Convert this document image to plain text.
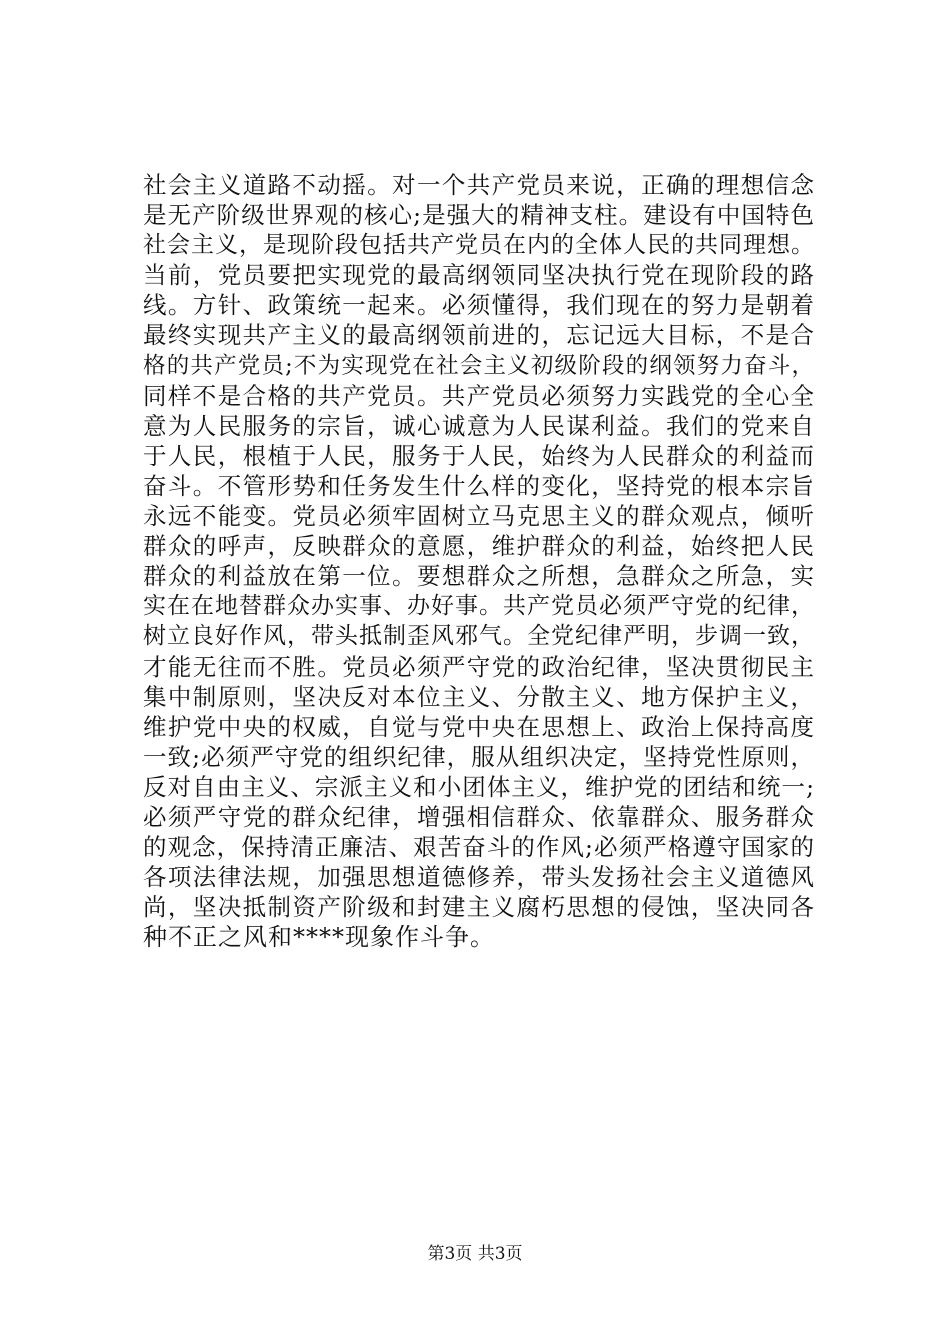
社会主义道路不动摇。对一个共产党员来说，正确的理想信念
是无产阶级世界观的核心;是强大的精神支柱。建设有中国特色
社会主义，是现阶段包括共产党员在内的全体人民的共同理想。
当前，党员要把实现党的最高纲领同坚决执行党在现阶段的路
线。方针、政策统一起来。必须懂得，我们现在的努力是朝着
最终实现共产主义的最高纲领前进的，忘记远大目标，不是合
格的共产党员;不为实现党在社会主义初级阶段的纲领努力奋斗，
同样不是合格的共产党员。共产党员必须努力实践党的全心全
意为人民服务的宗旨，诚心诚意为人民谋利益。我们的党来自
于人民，根植于人民，服务于人民，始终为人民群众的利益而
奋斗。不管形势和任务发生什么样的变化，坚持党的根本宗旨
永远不能变。党员必须牢固树立马克思主义的群众观点，倾听
群众的呼声，反映群众的意愿，维护群众的利益，始终把人民
群众的利益放在第一位。要想群众之所想，急群众之所急，实
实在在地替群众办实事、办好事。共产党员必须严守党的纪律，
树立良好作风，带头抵制歪风邪气。全党纪律严明，步调一致，
才能无往而不胜。党员必须严守党的政治纪律，坚决贯彻民主
集中制原则，坚决反对本位主义、分散主义、地方保护主义，
维护党中央的权威，自觉与党中央在思想上、政治上保持高度
一致;必须严守党的组织纪律，服从组织决定，坚持党性原则，
反对自由主义、宗派主义和小团体主义，维护党的团结和统一;
必须严守党的群众纪律，增强相信群众、依靠群众、服务群众
的观念，保持清正廉洁、艰苦奋斗的作风;必须严格遵守国家的
各项法律法规，加强思想道德修养，带头发扬社会主义道德风
尚，坚决抵制资产阶级和封建主义腐朽思想的侵蚀，坚决同各
种不正之风和****现象作斗争。
第3页 共3页
